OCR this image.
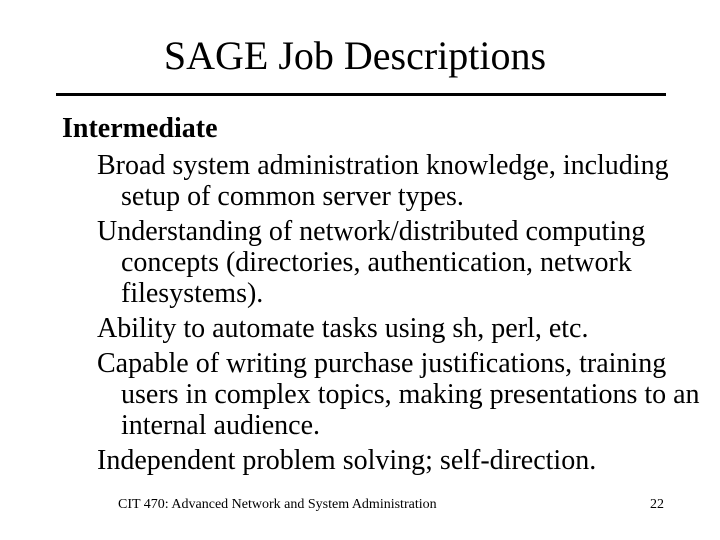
SAGE Job Descriptions
Intermediate
Broad system administration knowledge, including setup of common server types.
Understanding of network/distributed computing concepts (directories, authentication, network filesystems).
Ability to automate tasks using sh, perl, etc.
Capable of writing purchase justifications, training users in complex topics, making presentations to an internal audience.
Independent problem solving; self-direction.
CIT 470: Advanced Network and System Administration	22
